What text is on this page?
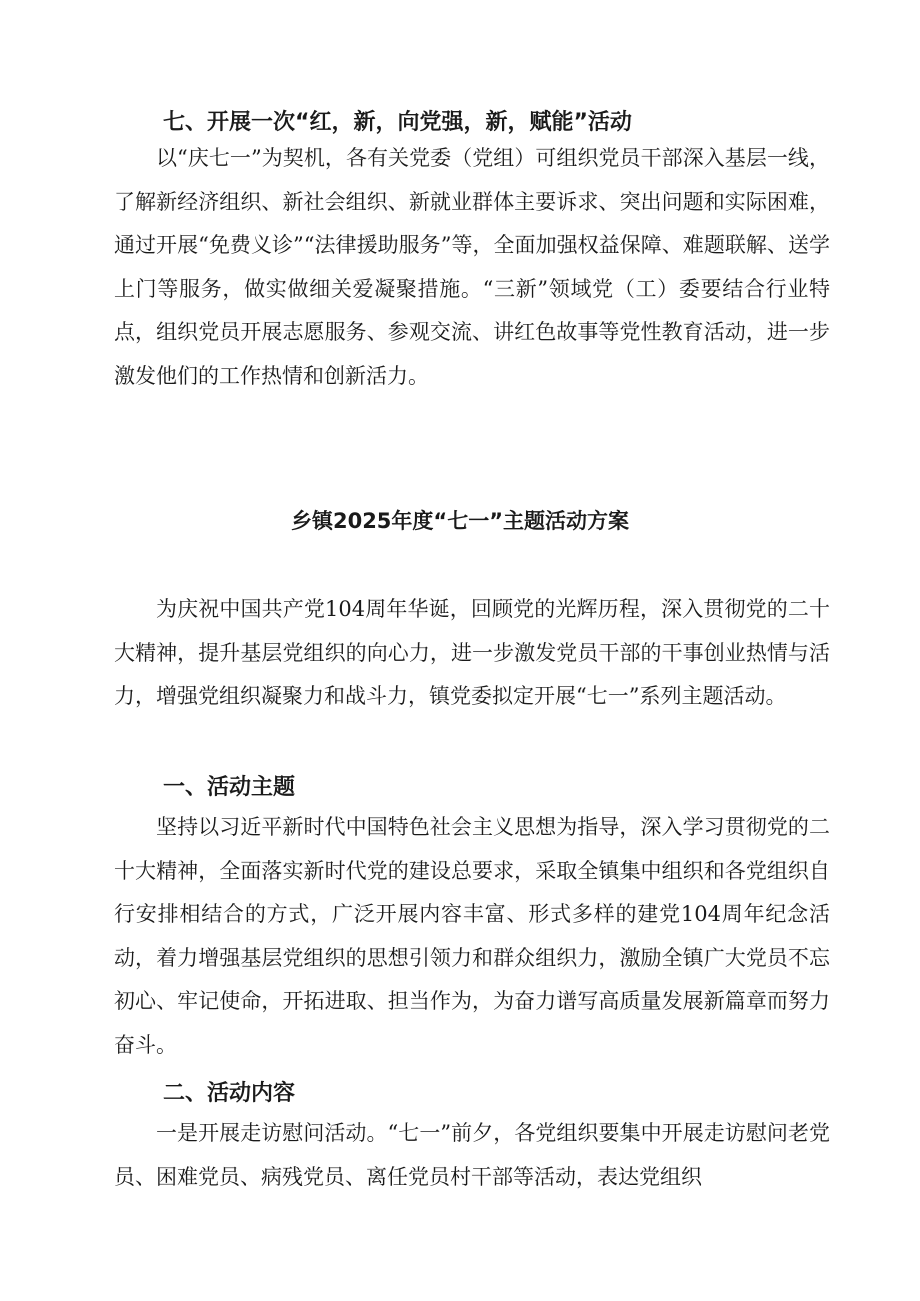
七、开展一次“红，新，向党强，新，赋能”活动

以“庆七一”为契机，各有关党委（党组）可组织党员干部深入基层一线，了解新经济组织、新社会组织、新就业群体主要诉求、突出问题和实际困难，通过开展“免费义诊”“法律援助服务”等，全面加强权益保障、难题联解、送学上门等服务，做实做细关爱凝聚措施。“三新”领域党（工）委要结合行业特点，组织党员开展志愿服务、参观交流、讲红色故事等党性教育活动，进一步激发他们的工作热情和创新活力。

乡镇2025年度“七一”主题活动方案

为庆祝中国共产党104周年华诞，回顾党的光辉历程，深入贯彻党的二十大精神，提升基层党组织的向心力，进一步激发党员干部的干事创业热情与活力，增强党组织凝聚力和战斗力，镇党委拟定开展“七一”系列主题活动。

一、活动主题

坚持以习近平新时代中国特色社会主义思想为指导，深入学习贯彻党的二十大精神，全面落实新时代党的建设总要求，采取全镇集中组织和各党组织自行安排相结合的方式，广泛开展内容丰富、形式多样的建党104周年纪念活动，着力增强基层党组织的思想引领力和群众组织力，激励全镇广大党员不忘初心、牢记使命，开拓进取、担当作为，为奋力谱写高质量发展新篇章而努力奋斗。

二、活动内容

一是开展走访慰问活动。“七一”前夕，各党组织要集中开展走访慰问老党员、困难党员、病残党员、离任党员村干部等活动，表达党组织
